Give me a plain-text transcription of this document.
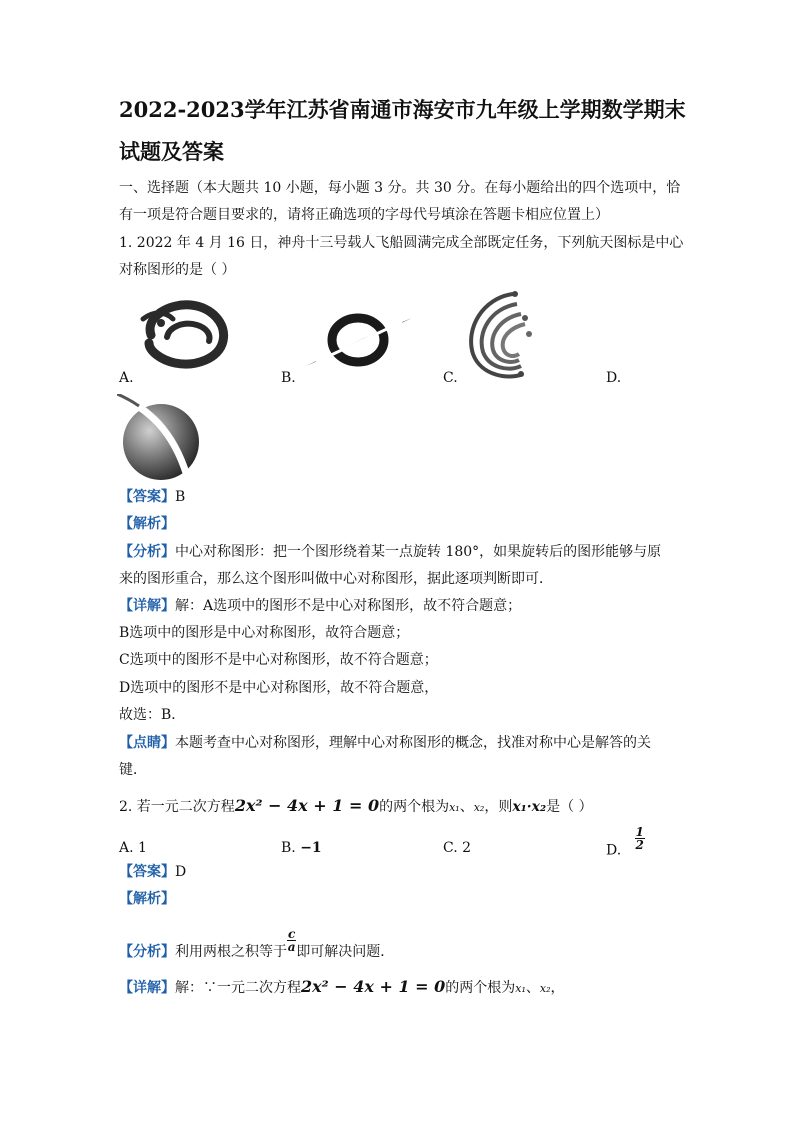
2022-2023学年江苏省南通市海安市九年级上学期数学期末
试题及答案
一、选择题（本大题共 10 小题，每小题 3 分。共 30 分。在每小题给出的四个选项中，恰
有一项是符合题目要求的，请将正确选项的字母代号填涂在答题卡相应位置上）
1. 2022 年 4 月 16 日，神舟十三号载人飞船圆满完成全部既定任务，下列航天图标是中心
对称图形的是（ ）
A.	B.	C.	D.
【答案】B
【解析】
【分析】中心对称图形：把一个图形绕着某一点旋转 180°，如果旋转后的图形能够与原
来的图形重合，那么这个图形叫做中心对称图形，据此逐项判断即可．
【详解】解：A选项中的图形不是中心对称图形，故不符合题意；
B选项中的图形是中心对称图形，故符合题意；
C选项中的图形不是中心对称图形，故不符合题意；
D选项中的图形不是中心对称图形，故不符合题意，
故选：B．
【点睛】本题考查中心对称图形，理解中心对称图形的概念，找准对称中心是解答的关
键．
2. 若一元二次方程2x² − 4x + 1 = 0的两个根为x₁、x₂，则x₁·x₂是（ ）
A. 1	B. −1	C. 2	D. $\frac{1}{2}$
【答案】D
【解析】
【分析】利用两根之积等于 $\frac{c}{a}$ 即可解决问题．
【详解】解：∵一元二次方程2x² − 4x + 1 = 0的两个根为x₁、x₂，
